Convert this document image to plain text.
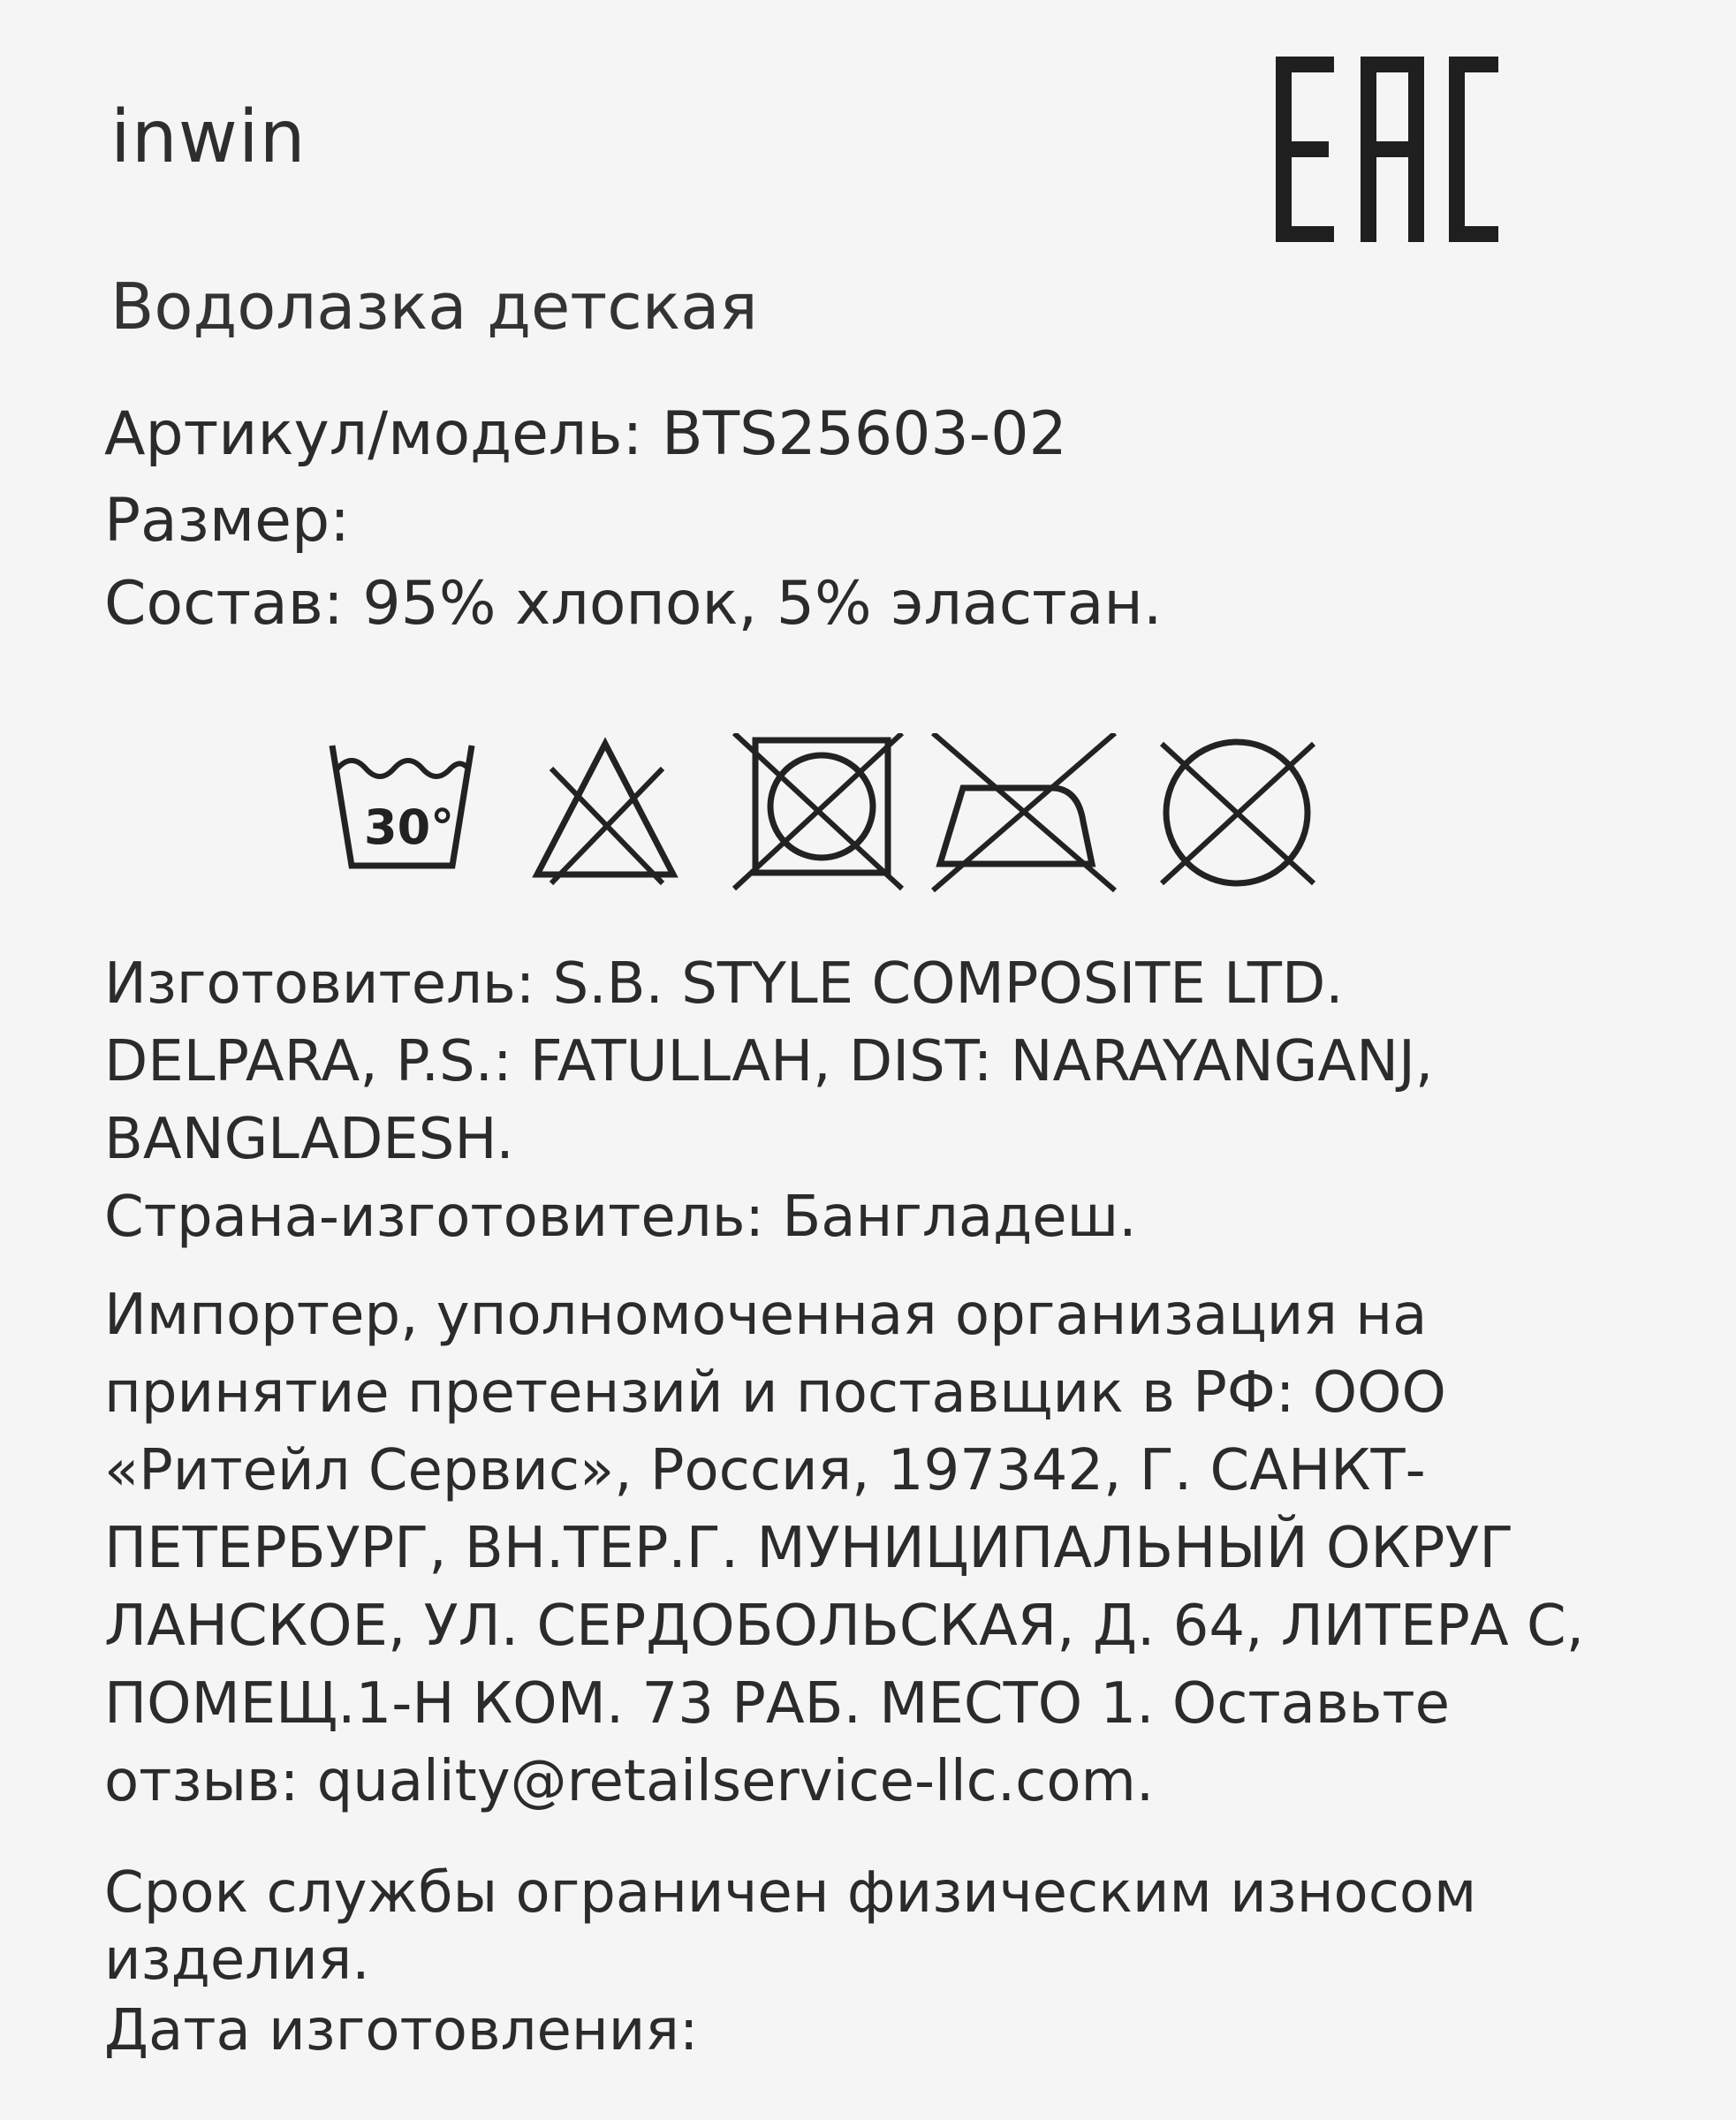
inwin
Водолазка детская
Артикул/модель: BTS25603-02
Размер:
Состав: 95% хлопок, 5% эластан.
30°
Изготовитель: S.B. STYLE COMPOSITE LTD.
DELPARA, P.S.: FATULLAH, DIST: NARAYANGANJ,
BANGLADESH.
Страна-изготовитель: Бангладеш.
Импортер, уполномоченная организация на
принятие претензий и поставщик в РФ: ООО
«Ритейл Сервис», Россия, 197342, Г. САНКТ-
ПЕТЕРБУРГ, ВН.ТЕР.Г. МУНИЦИПАЛЬНЫЙ ОКРУГ
ЛАНСКОЕ, УЛ. СЕРДОБОЛЬСКАЯ, Д. 64, ЛИТЕРА С,
ПОМЕЩ.1-Н КОМ. 73 РАБ. МЕСТО 1. Оставьте
отзыв: quality@retailservice-llc.com.
Срок службы ограничен физическим износом
изделия.
Дата изготовления:
